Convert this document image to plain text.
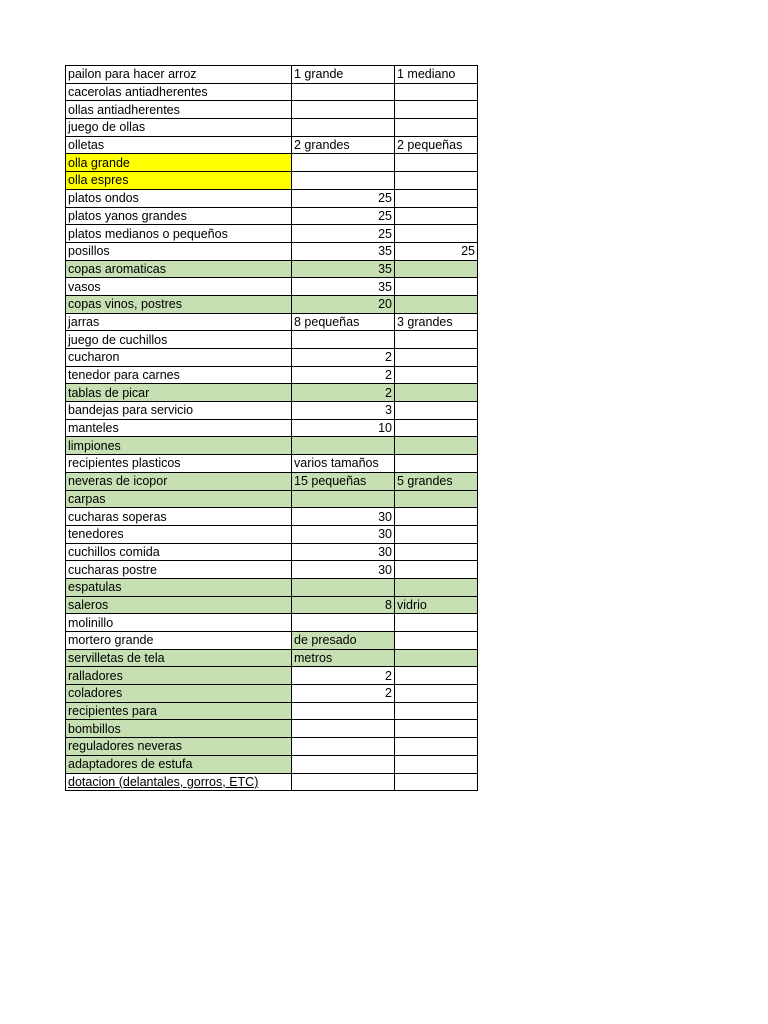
pailon para hacer arroz	1 grande	1 mediano
cacerolas antiadherentes		
ollas antiadherentes		
juego de ollas		
olletas	2 grandes	2 pequeñas
olla grande		
olla espres		
platos ondos	25	
platos yanos grandes	25	
platos medianos o pequeños	25	
posillos	35	25
copas aromaticas	35	
vasos	35	
copas vinos, postres	20	
jarras	8 pequeñas	3 grandes
juego de cuchillos		
cucharon	2	
tenedor para carnes	2	
tablas de picar	2	
bandejas para servicio	3	
manteles	10	
limpiones		
recipientes plasticos	varios tamaños	
neveras de icopor	15 pequeñas	5 grandes
carpas		
cucharas soperas	30	
tenedores	30	
cuchillos comida	30	
cucharas postre	30	
espatulas		
saleros	8	vidrio
molinillo		
mortero grande	de presado	
servilletas de tela	metros	
ralladores	2	
coladores	2	
recipientes para		
bombillos		
reguladores neveras		
adaptadores de estufa		
dotacion (delantales, gorros, ETC)		
